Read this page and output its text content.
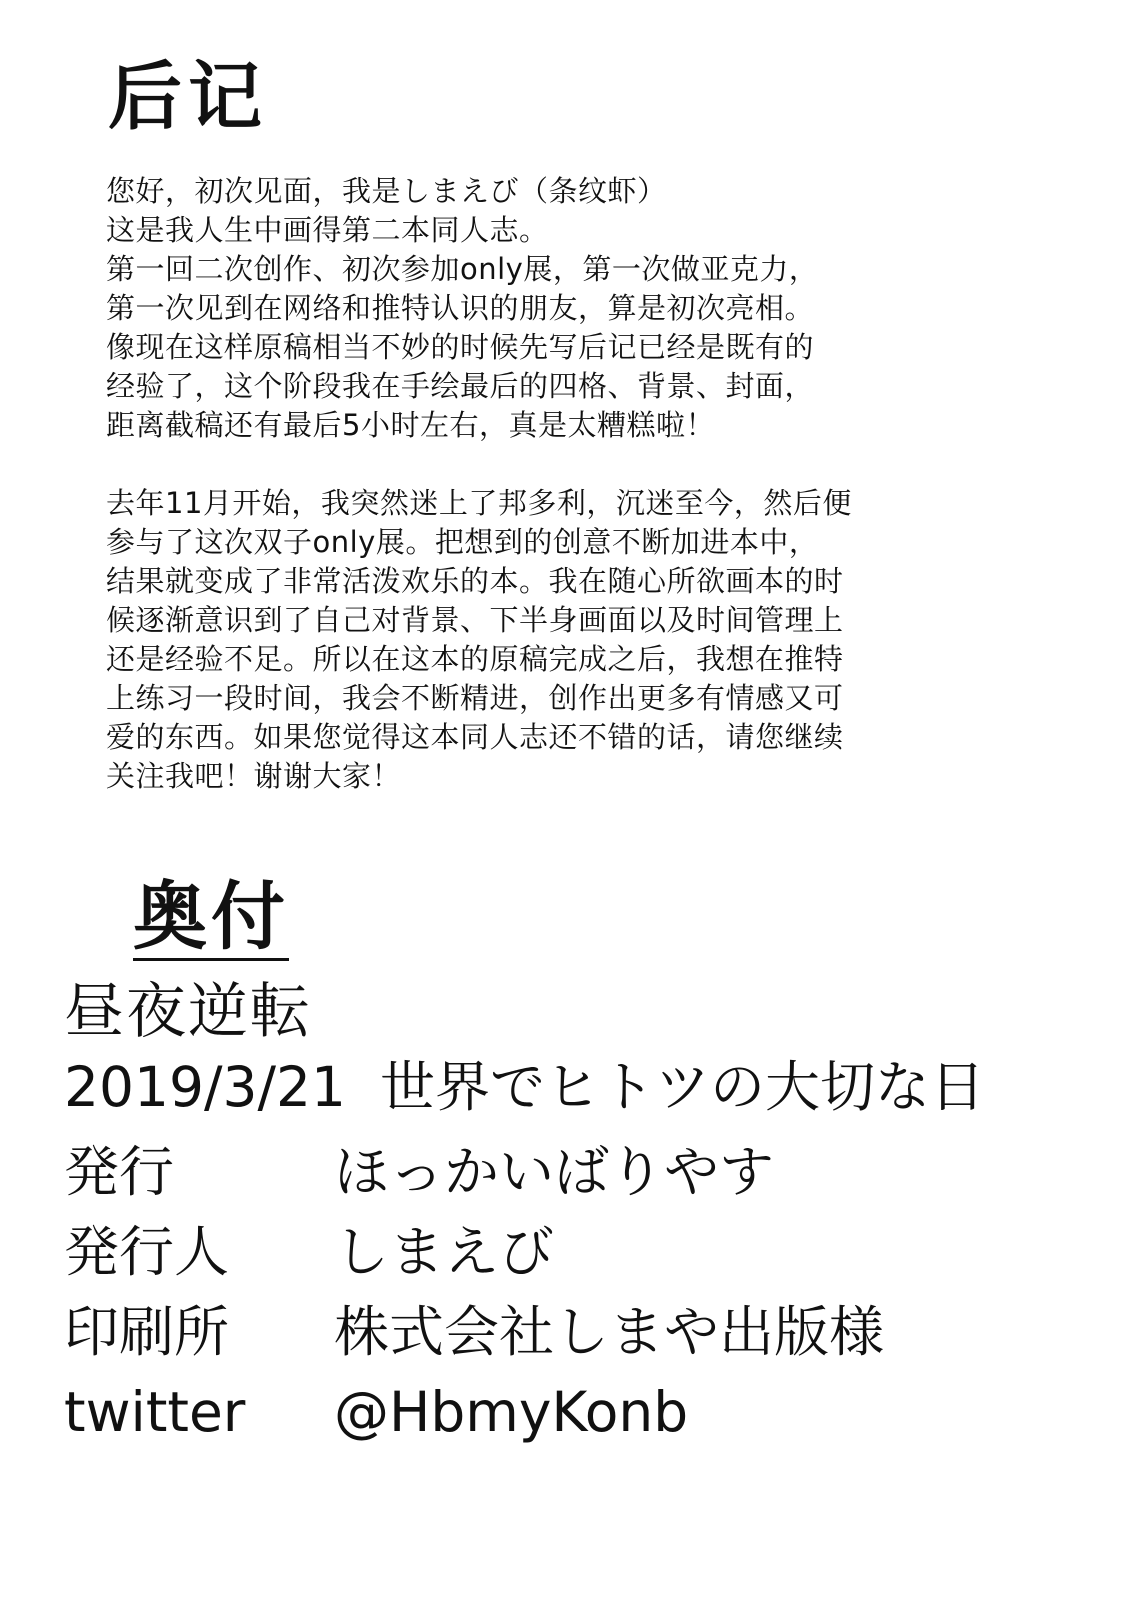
后记
您好，初次见面，我是しまえび（条纹虾）
这是我人生中画得第二本同人志。
第一回二次创作、初次参加only展，第一次做亚克力，
第一次见到在网络和推特认识的朋友，算是初次亮相。
像现在这样原稿相当不妙的时候先写后记已经是既有的
经验了，这个阶段我在手绘最后的四格、背景、封面，
距离截稿还有最后5小时左右，真是太糟糕啦！
去年11月开始，我突然迷上了邦多利，沉迷至今，然后便
参与了这次双子only展。把想到的创意不断加进本中，
结果就变成了非常活泼欢乐的本。我在随心所欲画本的时
候逐渐意识到了自己对背景、下半身画面以及时间管理上
还是经验不足。所以在这本的原稿完成之后，我想在推特
上练习一段时间，我会不断精进，创作出更多有情感又可
爱的东西。如果您觉得这本同人志还不错的话，请您继续
关注我吧！谢谢大家！
奥付
昼夜逆転
2019/3/21 世界でヒトツの大切な日
発行	ほっかいばりやす
発行人 しまえび
印刷所 株式会社しまや出版様
twitter @HbmyKonb
